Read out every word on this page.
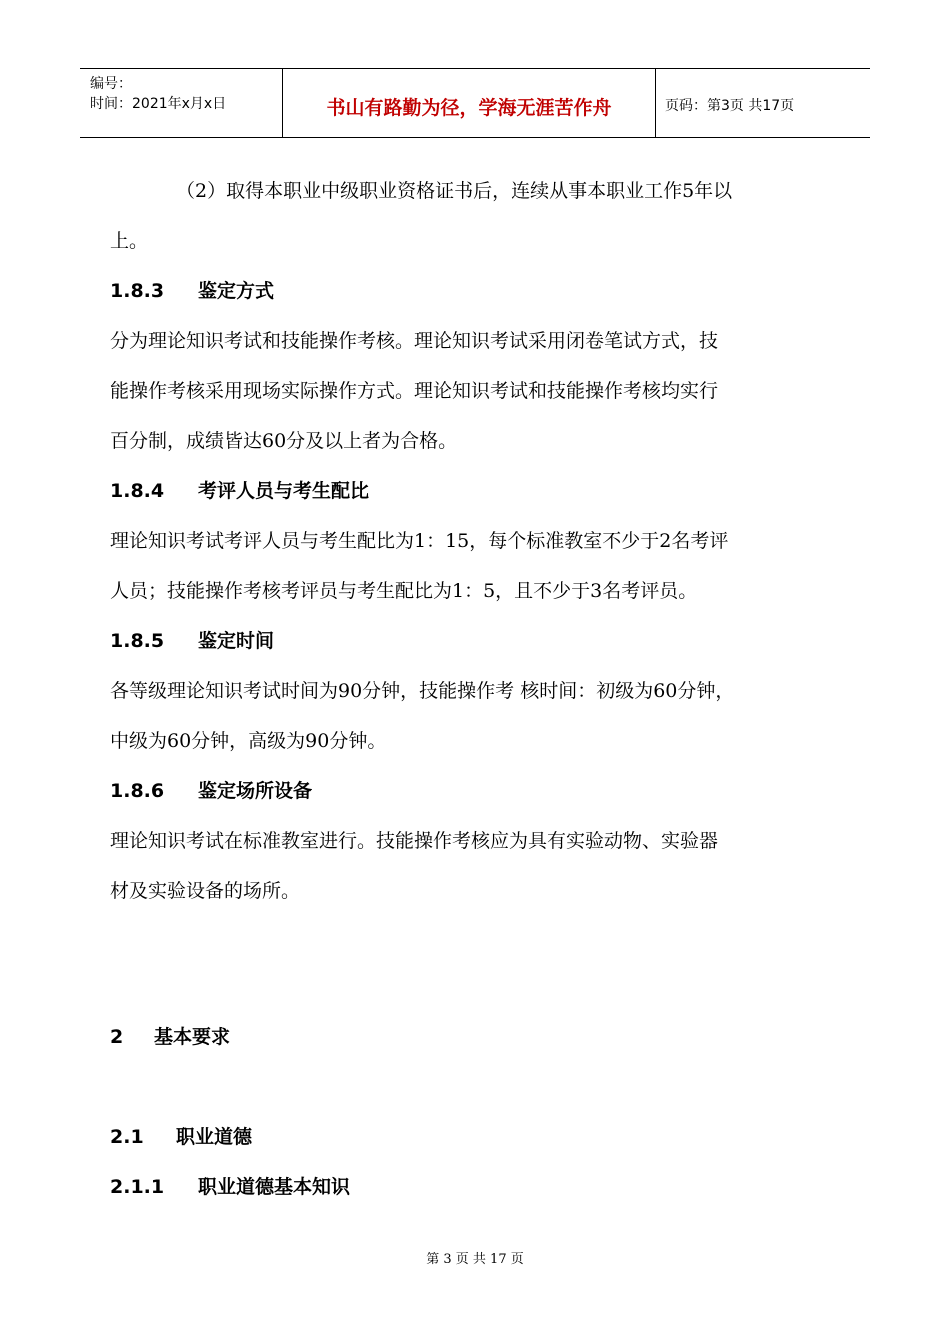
编号：
时间：2021年x月x日	书山有路勤为径，学海无涯苦作舟	页码：第3页 共17页
（2）取得本职业中级职业资格证书后，连续从事本职业工作5年以
上。
1.8.3 鉴定方式
分为理论知识考试和技能操作考核。理论知识考试采用闭卷笔试方式，技
能操作考核采用现场实际操作方式。理论知识考试和技能操作考核均实行
百分制，成绩皆达60分及以上者为合格。
1.8.4 考评人员与考生配比
理论知识考试考评人员与考生配比为1：15，每个标准教室不少于2名考评
人员；技能操作考核考评员与考生配比为1：5，且不少于3名考评员。
1.8.5 鉴定时间
各等级理论知识考试时间为90分钟，技能操作考 核时间：初级为60分钟，
中级为60分钟，高级为90分钟。
1.8.6 鉴定场所设备
理论知识考试在标准教室进行。技能操作考核应为具有实验动物、实验器
材及实验设备的场所。
2 基本要求
2.1 职业道德
2.1.1 职业道德基本知识
第 3 页 共 17 页
